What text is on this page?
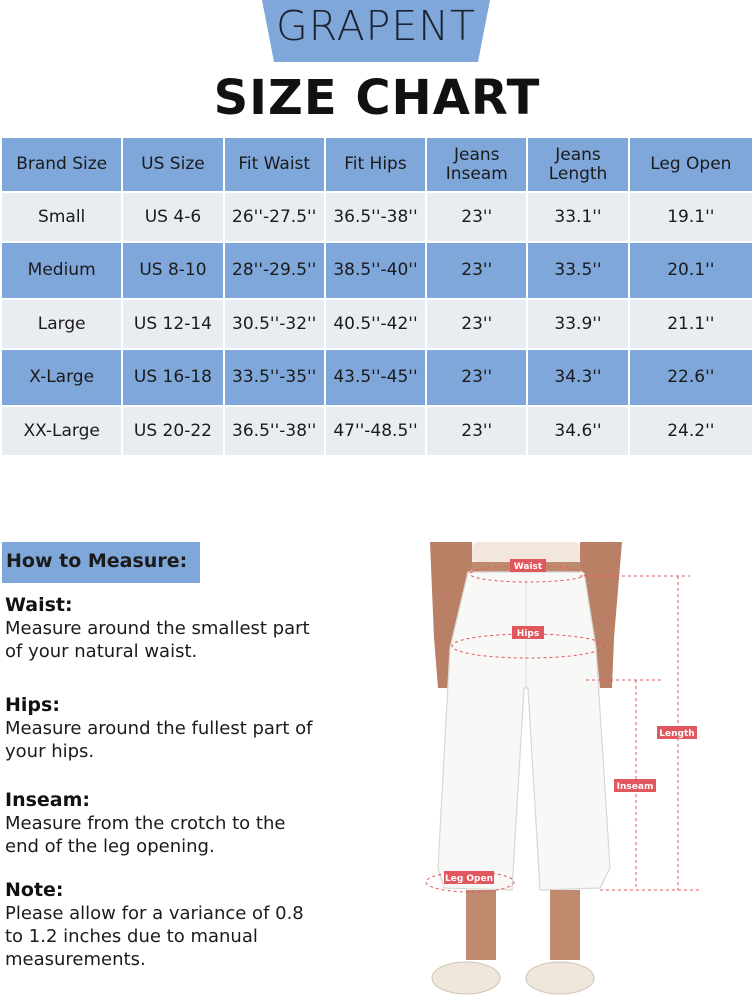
GRAPENT
SIZE CHART
Brand Size	US Size	Fit Waist	Fit Hips	Jeans Inseam	Jeans Length	Leg Open
Small	US 4-6	26''-27.5''	36.5''-38''	23''	33.1''	19.1''
Medium	US 8-10	28''-29.5''	38.5''-40''	23''	33.5''	20.1''
Large	US 12-14	30.5''-32''	40.5''-42''	23''	33.9''	21.1''
X-Large	US 16-18	33.5''-35''	43.5''-45''	23''	34.3''	22.6''
XX-Large	US 20-22	36.5''-38''	47''-48.5''	23''	34.6''	24.2''
How to Measure:
Waist:
Measure around the smallest part of your natural waist.
Hips:
Measure around the fullest part of your hips.
Inseam:
Measure from the crotch to the end of the leg opening.
Note:
Please allow for a variance of 0.8 to 1.2 inches due to manual measurements.
Waist
Hips
Length
Inseam
Leg Open
